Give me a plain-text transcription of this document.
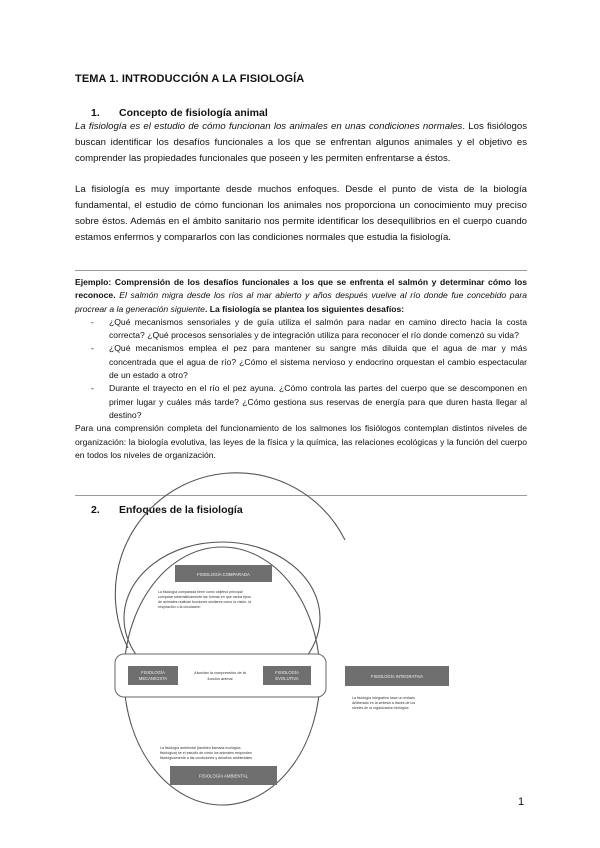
TEMA 1. INTRODUCCIÓN A LA FISIOLOGÍA
1. Concepto de fisiología animal
La fisiología es el estudio de cómo funcionan los animales en unas condiciones normales. Los fisiólogos buscan identificar los desafíos funcionales a los que se enfrentan algunos animales y el objetivo es comprender las propiedades funcionales que poseen y les permiten enfrentarse a éstos.
La fisiología es muy importante desde muchos enfoques. Desde el punto de vista de la biología fundamental, el estudio de cómo funcionan los animales nos proporciona un conocimiento muy preciso sobre éstos. Además en el ámbito sanitario nos permite identificar los desequilibrios en el cuerpo cuando estamos enfermos y compararlos con las condiciones normales que estudia la fisiología.
Ejemplo: Comprensión de los desafíos funcionales a los que se enfrenta el salmón y determinar cómo los reconoce. El salmón migra desde los ríos al mar abierto y años después vuelve al río donde fue concebido para procrear a la generación siguiente. La fisiología se plantea los siguientes desafíos:
- ¿Qué mecanismos sensoriales y de guía utiliza el salmón para nadar en camino directo hacia la costa correcta? ¿Qué procesos sensoriales y de integración utiliza para reconocer el río donde comenzó su vida?
- ¿Qué mecanismos emplea el pez para mantener su sangre más diluida que el agua de mar y más concentrada que el agua de río? ¿Cómo el sistema nervioso y endocrino orquestan el cambio espectacular de un estado a otro?
- Durante el trayecto en el río el pez ayuna. ¿Cómo controla las partes del cuerpo que se descomponen en primer lugar y cuáles más tarde? ¿Cómo gestiona sus reservas de energía para que duren hasta llegar al destino?
Para una comprensión completa del funcionamiento de los salmones los fisiólogos contemplan distintos niveles de organización: la biología evolutiva, las leyes de la física y la química, las relaciones ecológicas y la función del cuerpo en todos los niveles de organización.
2. Enfoques de la fisiología
FISIOLOGÍA COMPARADA
La fisiología comparada tiene como objetivo principal
comparar sistemáticamente las formas en que varios tipos
de animales realizan funciones similares como la visión, la
respiración o la circulación
FISIOLOGÍA
MECANICISTA
Abordan la comprensión de la
función animal
FISIOLOGÍA
EVOLUTIVA	FISIOLOGÍA INTEGRATIVA
La fisiología integrativa hace un énfasis
deliberado en la síntesis a través de los
niveles de la organización biológica
La fisiología ambiental (también llamada ecológica
fisiológica) se el estudio de cómo los animales responden
fisiológicamente a las condiciones y desafíos ambientales
FISIOLOGÍA AMBIENTAL
1
